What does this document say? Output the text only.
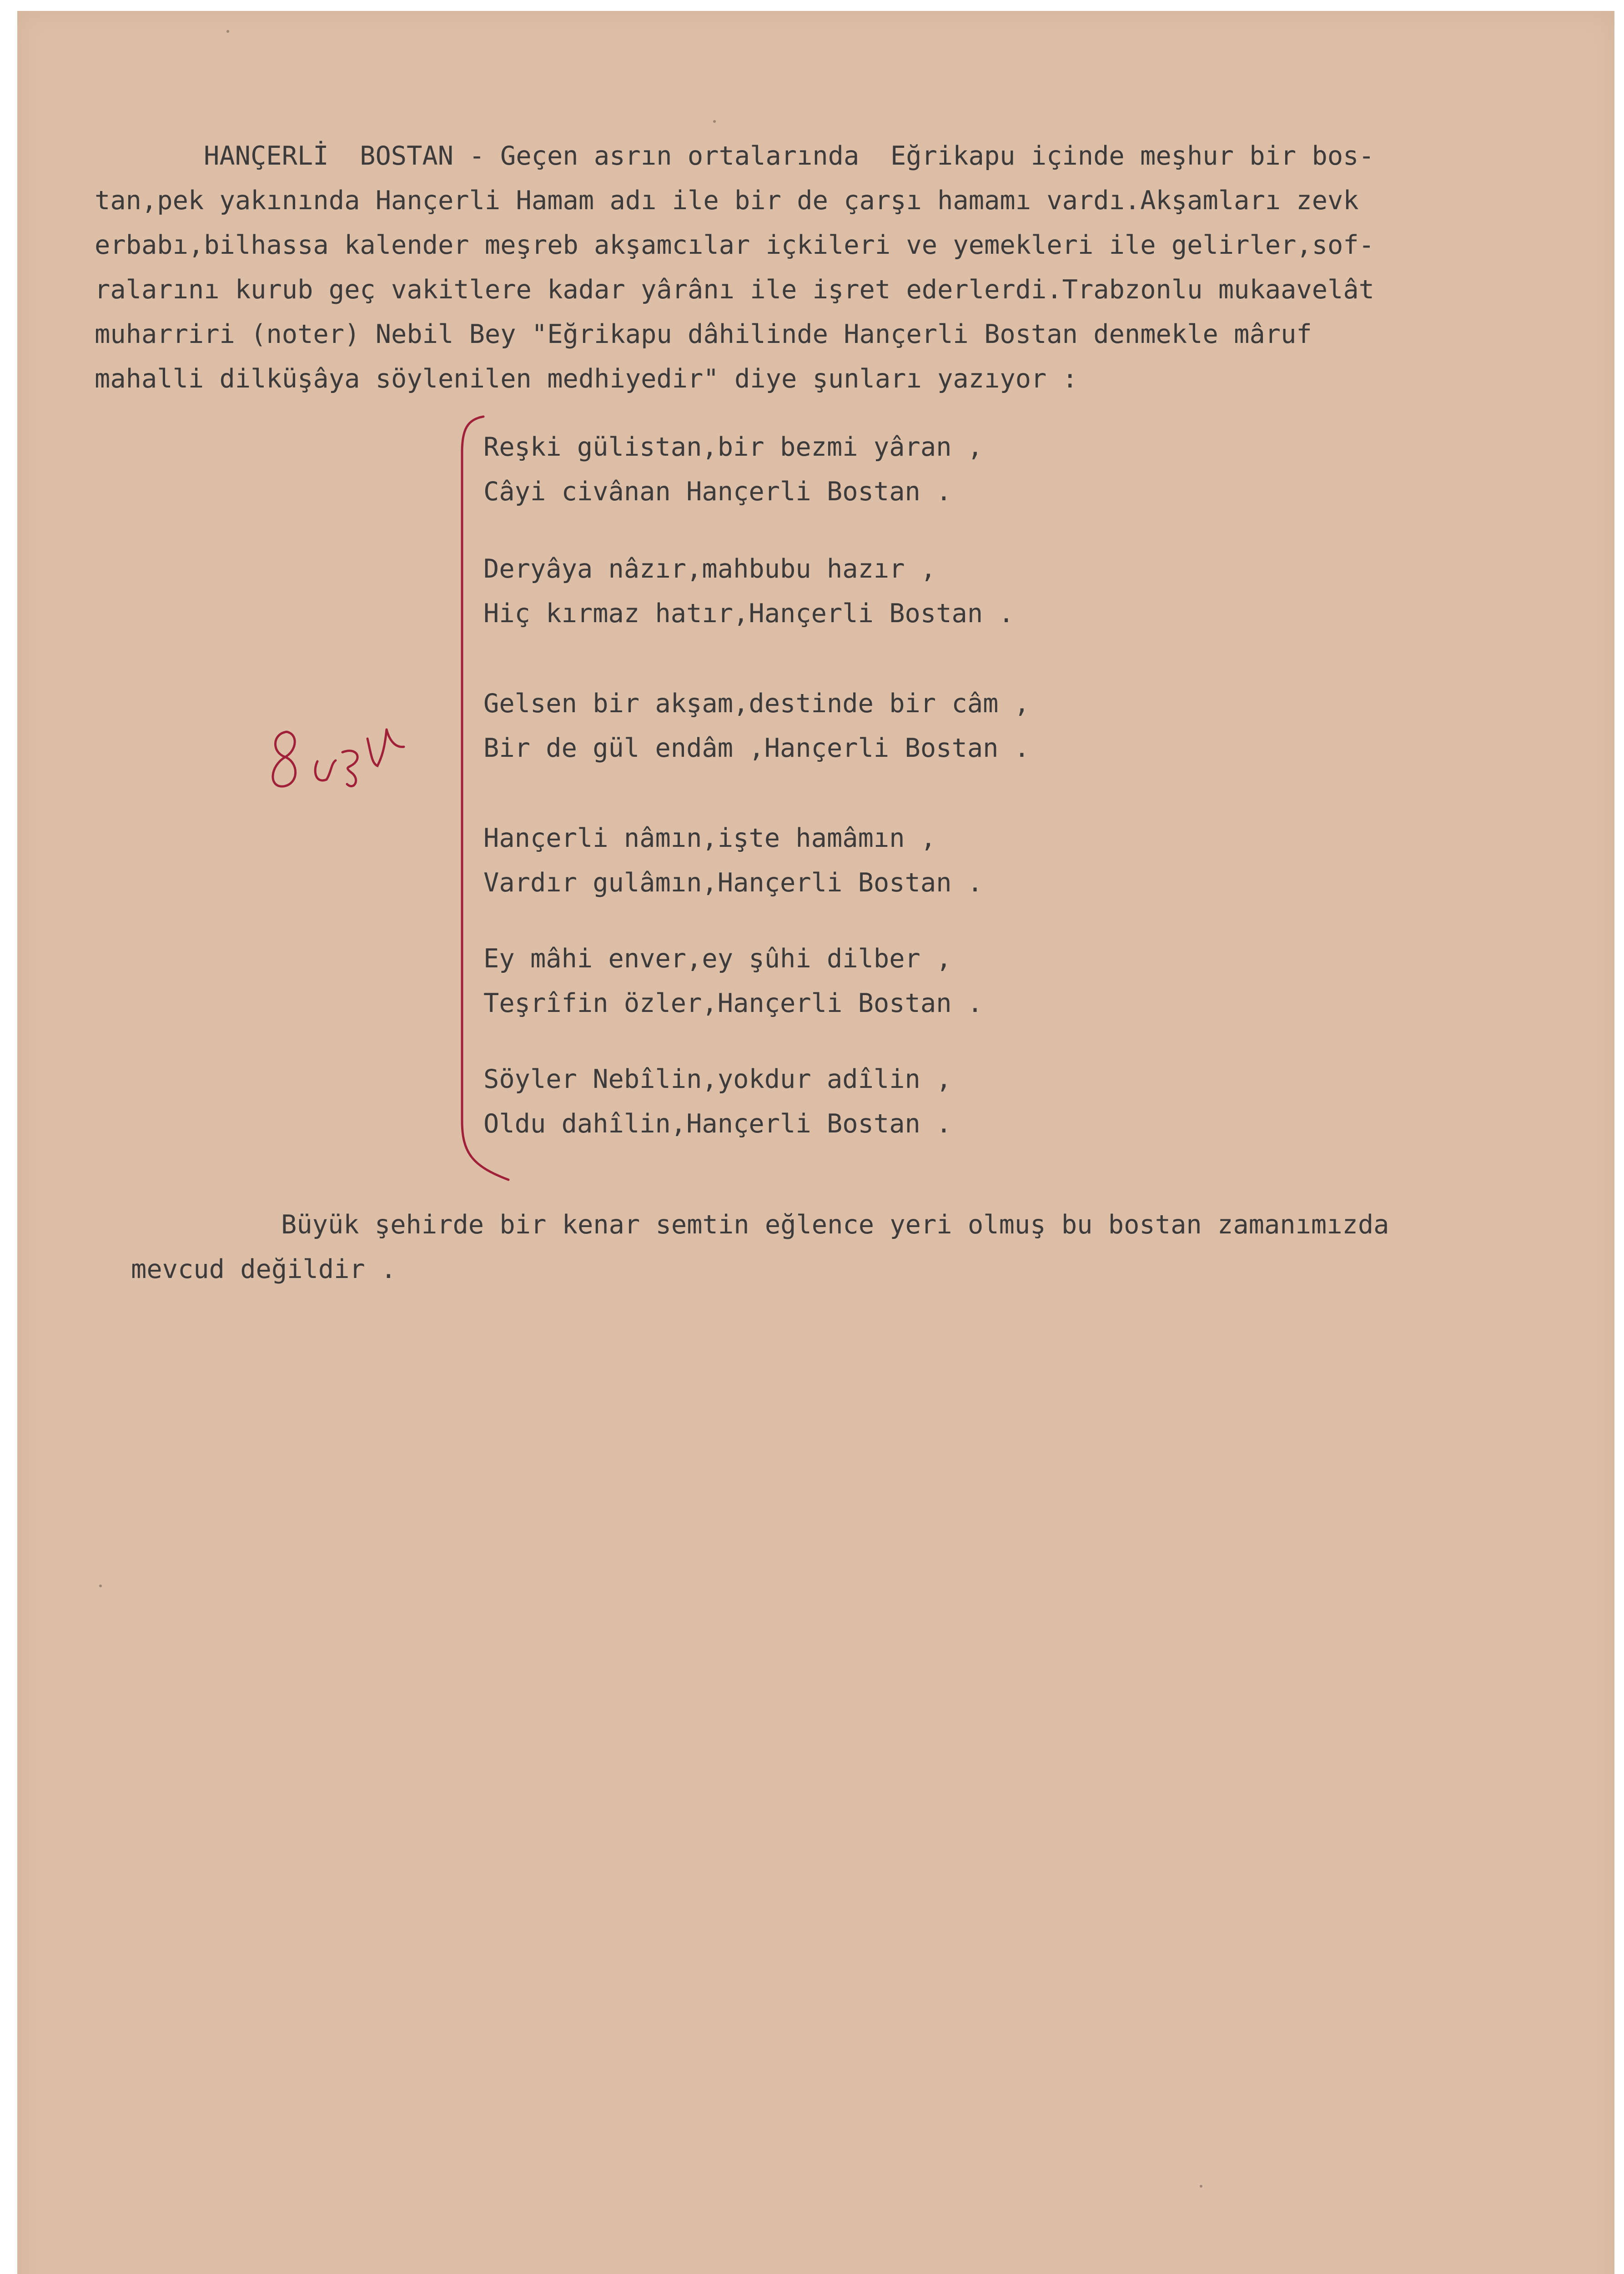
HANÇERLİ  BOSTAN - Geçen asrın ortalarında  Eğrikapu içinde meşhur bir bos-

tan,pek yakınında Hançerli Hamam adı ile bir de çarşı hamamı vardı.Akşamları zevk

erbabı,bilhassa kalender meşreb akşamcılar içkileri ve yemekleri ile gelirler,sof-

ralarını kurub geç vakitlere kadar yârânı ile işret ederlerdi.Trabzonlu mukaavelât

muharriri (noter) Nebil Bey "Eğrikapu dâhilinde Hançerli Bostan denmekle mâruf

mahalli dilküşâya söylenilen medhiyedir" diye şunları yazıyor :

Reşki gülistan,bir bezmi yâran ,

Câyi civânan Hançerli Bostan .

Deryâya nâzır,mahbubu hazır ,

Hiç kırmaz hatır,Hançerli Bostan .

Gelsen bir akşam,destinde bir câm ,

Bir de gül endâm ,Hançerli Bostan .

Hançerli nâmın,işte hamâmın ,

Vardır gulâmın,Hançerli Bostan .

Ey mâhi enver,ey şûhi dilber ,

Teşrîfin özler,Hançerli Bostan .

Söyler Nebîlin,yokdur adîlin ,

Oldu dahîlin,Hançerli Bostan .

8 satır

Büyük şehirde bir kenar semtin eğlence yeri olmuş bu bostan zamanımızda

mevcud değildir .
